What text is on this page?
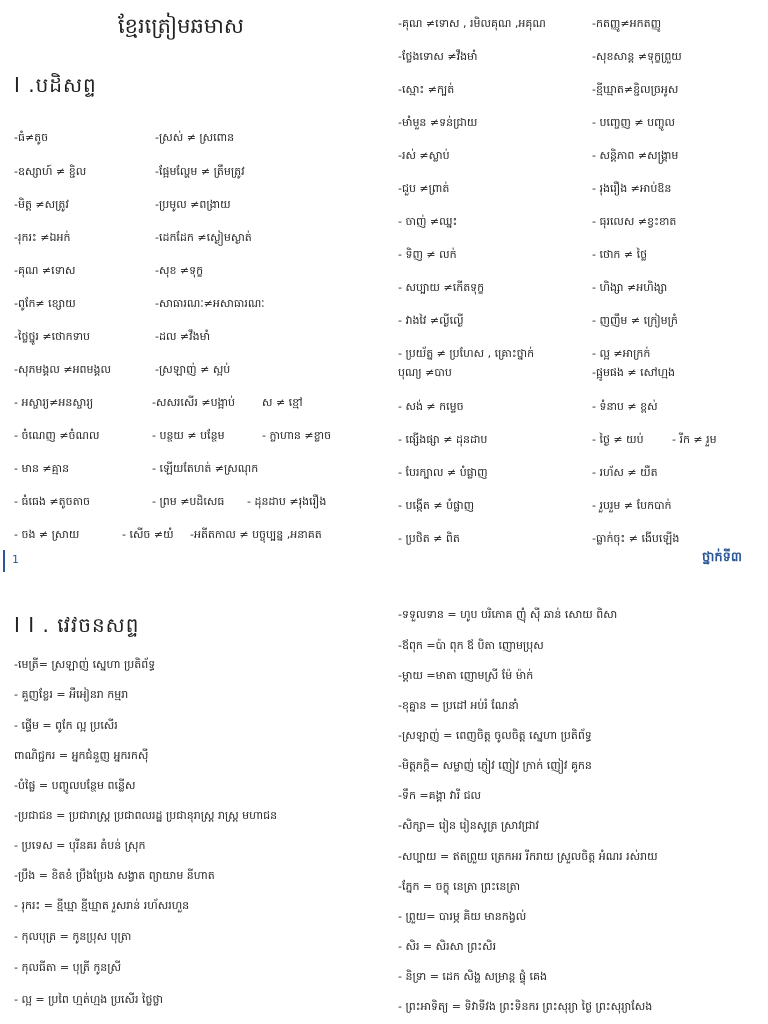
ខ្មែរត្រៀមឆមាស
I .បដិសព្ទ
-ធំ≠តូច	-ស្រស់ ≠ ស្រពោន
-ឧស្សាហ៍ ≠ ខ្ជិល	-ផ្អែមល្ហែម ≠ ត្រឹមត្រូវ
-មិត្ត ≠សត្រូវ	-ប្រមូល ≠ពង្រាយ
-រុករះ ≠ឯអក់	-ដេកដែក ≠ស្ងៀមស្ងាត់
-គុណ ≠ទោស	-សុខ ≠ទុក្ខ
-ពូកែ≠ ខ្សោយ	-សាធារណៈ≠អសាធារណៈ
-ថ្លៃថ្នូរ ≠ថោកទាប	-ដល ≠វឹងមាំ
-សុភមង្គល ≠អពមង្គល	-ស្រឡាញ់ ≠ ស្អប់
- អស្ចារ្យ≠អនស្ចារ្យ	-សសរសើរ ≠បង្អាប់ ស ≠ ខ្មៅ
- ចំណេញ ≠ចំណល	- បន្ថយ ≠ បន្ថែម	- ក្លាហាន ≠ខ្លាច
- មាន ≠គ្មាន	- ឡើយតែហត់ ≠ស្រណុក
- ធំធេង ≠តូចតាច	- ព្រម ≠បដិសេធ - ដុនដាប ≠រុងរឿង
- ចង ≠ ស្រាយ	- សើច ≠យំ -អតីតកាល ≠ បច្ចុប្បន្ន ,អនាគត
-គុណ ≠ទោស , រមិលគុណ ,អគុណ	-កតញ្ញូ≠អកតញ្ញូ
-ថ្លែងទោស ≠វឹងមាំ	-សុខសាន្ត ≠ទុក្ខព្រួយ
-ស្មោះ ≠ក្បត់	-ខ្មីឃ្មាត≠ខ្ជិលច្រអូស
-មាំមួន ≠ទន់ជ្រាយ	- បញ្ចេញ ≠ បញ្ចូល
-រស់ ≠ស្លាប់	- សន្តិភាព ≠សង្គ្រាម
-ជួប ≠ព្រាត់	- រុងរឿង ≠អាប់ឱន
- ចាញ់ ≠ឈ្នះ	- ធុរលេស ≠ខ្វះខាត
- ទិញ ≠ លក់	- ថោក ≠ ថ្លៃ
- សប្បាយ ≠កើតទុក្ខ	- ហិង្សា ≠អហិង្សា
- វាងវៃ ≠ល្ងីល្ងើ	- ញញឹម ≠ ក្រៀមក្រំ
- ប្រយ័ត្ន ≠ ប្រហែស , គ្រោះថ្នាក់	- ល្អ ≠អាក្រក់
បុណ្យ ≠បាប	-ផ្អូមផង ≠ សៅហ្មង
- សង់ ≠ កម្ទេច	- ទំនាប ≠ ខ្ពស់
- ផ្សើងផ្សា ≠ ដុនដាប	- ថ្ងៃ ≠ យប់	- រីក ≠ រួម
- បែរក្បាល ≠ បំផ្លាញ	- រហ័ស ≠ យឺត
- បង្កើត ≠ បំផ្លាញ	- រួបរួម ≠ បែកបាក់
- ប្រថិត ≠ ពិត	-ធ្លាក់ចុះ ≠ ងើបឡើង
1	ថ្នាក់ទី៣
I I . វេវចនសព្ទ
-មេត្រី= ស្រឡាញ់ ស្នេហា ប្រតិព័ទ្ធ
- គួញខ្លែរ = អឺអៀនរា កម្មរា
- ផ្ទើម = ពូកែ ល្អ ប្រសើរ
ពាណិជ្ជករ = អ្នកជំនួញ អ្នករកស៊ី
-បំផ្លៃ = បញ្ចូលបន្ថែម ពន្លើស
-ប្រជាជន = ប្រជារាស្ត្រ ប្រជាពលរដ្ឋ ប្រជានុរាស្ត្រ រាស្ត្រ មហាជន
- ប្រទេស = បុរីនគរ តំបន់ ស្រុក
-ប្រឹង = ខិតខំ ប្រឹងប្រែង សង្វាត ព្យាយាម នីហាត
- រុករះ = ខ្មីឃ្មា ខ្មីឃ្មាត រួសរាន់ រហ័សរហួន
- កុលបុត្រ = កូនប្រុស បុត្រា
- កុលធីតា = បុត្រី កូនស្រី
- ល្អ = ប្រពៃ ហ្មត់ហ្មង ប្រសើរ ថ្លៃថ្លា
-ទទួលទាន = ហូប បរិភោគ ញុំ ស៊ី ឆាន់ សោយ ពិសា
-ឪពុក =ប៉ា ពុក ឪ បិតា ញោមប្រុស
-ម្ដាយ =មាតា ញោមស្រី ម៉ែ ម៉ាក់
-ខុគ្នាន = ប្រដៅ អប់រំ ណែនាំ
-ស្រឡាញ់ = ពេញចិត្ត ចូលចិត្ត ស្នេហា ប្រតិព័ទ្ធ
-មិត្តភក្ដិ= សម្លាញ់ ភ្ញៀវ ញៀវ ក្រាក់ ញៀវ គូកន
-ទឹក =គង្គា វារី ជល
-សិក្សា= រៀន រៀនសូត្រ ស្រាវជ្រាវ
-សប្បាយ = ឥតព្រួយ ត្រេកអរ រីករាយ ស្រួលចិត្ត អំណរ រស់រាយ
-ភ្នែក = ចក្ខុ នេត្រា ព្រះនេត្រា
- ព្រួយ= បារម្ភ គិយ មានកង្វល់
- សិរ = សិរសា ព្រះសិរ
- និទ្រា = ដេក សិង្ហ សម្រាន្ត ផ្ទុំ គេង
- ព្រះអាទិត្យ = ទិវាទីវង ព្រះទិនករ ព្រះសុរ្យា ថ្ងៃ ព្រះសុរ្យាសែង
